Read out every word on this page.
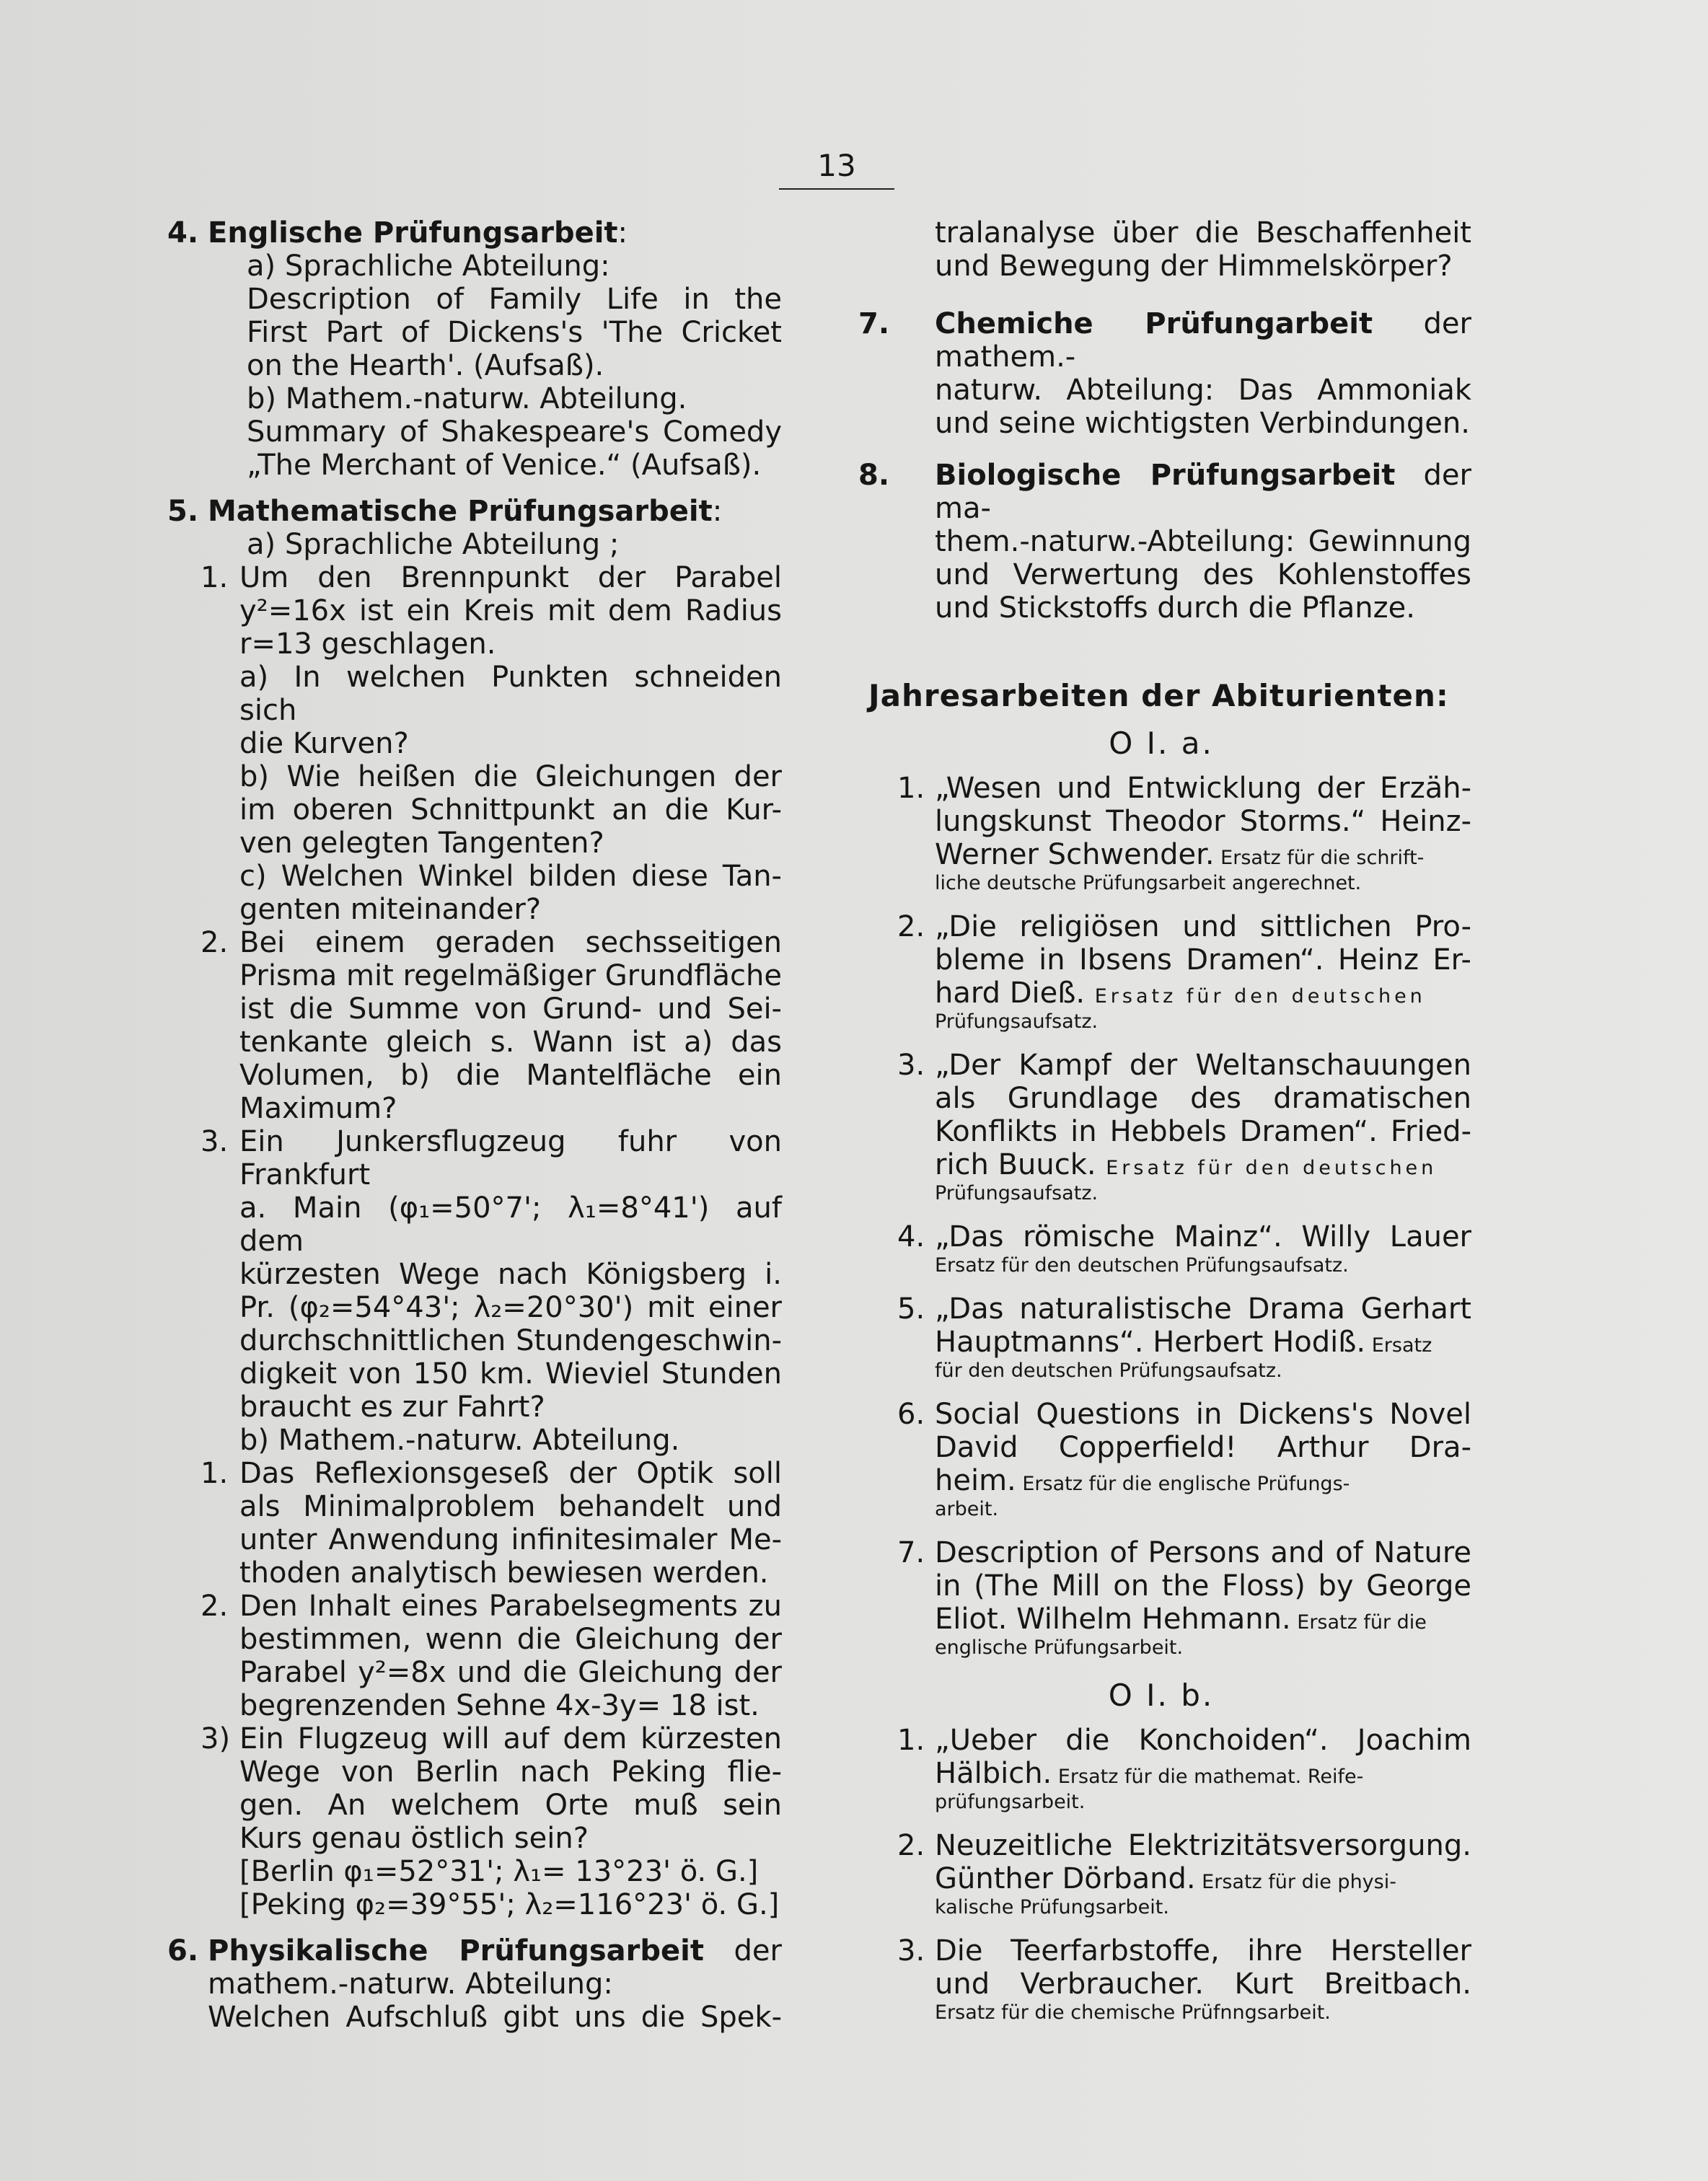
13
4. Englische Prüfungsarbeit:
a) Sprachliche Abteilung:
Description of Family Life in the
First Part of Dickens's 'The Cricket
on the Hearth'. (Aufsaß).
b) Mathem.-naturw. Abteilung.
Summary of Shakespeare's Comedy
„The Merchant of Venice.“ (Aufsaß).
5. Mathematische Prüfungsarbeit:
a) Sprachliche Abteilung ;
1. Um den Brennpunkt der Parabel
y²=16x ist ein Kreis mit dem Radius
r=13 geschlagen.
a) In welchen Punkten schneiden sich
die Kurven?
b) Wie heißen die Gleichungen der
im oberen Schnittpunkt an die Kur-
ven gelegten Tangenten?
c) Welchen Winkel bilden diese Tan-
genten miteinander?
2. Bei einem geraden sechsseitigen
Prisma mit regelmäßiger Grundfläche
ist die Summe von Grund- und Sei-
tenkante gleich s. Wann ist a) das
Volumen, b) die Mantelfläche ein
Maximum?
3. Ein Junkersflugzeug fuhr von Frankfurt
a. Main (φ₁=50°7'; λ₁=8°41') auf dem
kürzesten Wege nach Königsberg i.
Pr. (φ₂=54°43'; λ₂=20°30') mit einer
durchschnittlichen Stundengeschwin-
digkeit von 150 km. Wieviel Stunden
braucht es zur Fahrt?
b) Mathem.-naturw. Abteilung.
1. Das Reflexionsgeseß der Optik soll
als Minimalproblem behandelt und
unter Anwendung infinitesimaler Me-
thoden analytisch bewiesen werden.
2. Den Inhalt eines Parabelsegments zu
bestimmen, wenn die Gleichung der
Parabel y²=8x und die Gleichung der
begrenzenden Sehne 4x-3y= 18 ist.
3) Ein Flugzeug will auf dem kürzesten
Wege von Berlin nach Peking flie-
gen. An welchem Orte muß sein
Kurs genau östlich sein?
[Berlin φ₁=52°31'; λ₁= 13°23' ö. G.]
[Peking φ₂=39°55'; λ₂=116°23' ö. G.]
6. Physikalische Prüfungsarbeit der
mathem.-naturw. Abteilung:
Welchen Aufschluß gibt uns die Spek-
tralanalyse über die Beschaffenheit
und Bewegung der Himmelskörper?
7. Chemiche Prüfungarbeit der mathem.-
naturw. Abteilung: Das Ammoniak
und seine wichtigsten Verbindungen.
8. Biologische Prüfungsarbeit der ma-
them.-naturw.-Abteilung: Gewinnung
und Verwertung des Kohlenstoffes
und Stickstoffs durch die Pflanze.
Jahresarbeiten der Abiturienten:
O I. a.
1. „Wesen und Entwicklung der Erzäh-
lungskunst Theodor Storms.“ Heinz-
Werner Schwender. Ersatz für die schrift-
liche deutsche Prüfungsarbeit angerechnet.
2. „Die religiösen und sittlichen Pro-
bleme in Ibsens Dramen“. Heinz Er-
hard Dieß. Ersatz für den deutschen
Prüfungsaufsatz.
3. „Der Kampf der Weltanschauungen
als Grundlage des dramatischen
Konflikts in Hebbels Dramen“. Fried-
rich Buuck. Ersatz für den deutschen
Prüfungsaufsatz.
4. „Das römische Mainz“. Willy Lauer
Ersatz für den deutschen Prüfungsaufsatz.
5. „Das naturalistische Drama Gerhart
Hauptmanns“. Herbert Hodiß. Ersatz
für den deutschen Prüfungsaufsatz.
6. Social Questions in Dickens's Novel
David Copperfield! Arthur Dra-
heim. Ersatz für die englische Prüfungs-
arbeit.
7. Description of Persons and of Nature
in (The Mill on the Floss) by George
Eliot. Wilhelm Hehmann. Ersatz für die
englische Prüfungsarbeit.
O I. b.
1. „Ueber die Konchoiden“. Joachim
Hälbich. Ersatz für die mathemat. Reife-
prüfungsarbeit.
2. Neuzeitliche Elektrizitätsversorgung.
Günther Dörband. Ersatz für die physi-
kalische Prüfungsarbeit.
3. Die Teerfarbstoffe, ihre Hersteller
und Verbraucher. Kurt Breitbach.
Ersatz für die chemische Prüfnngsarbeit.
